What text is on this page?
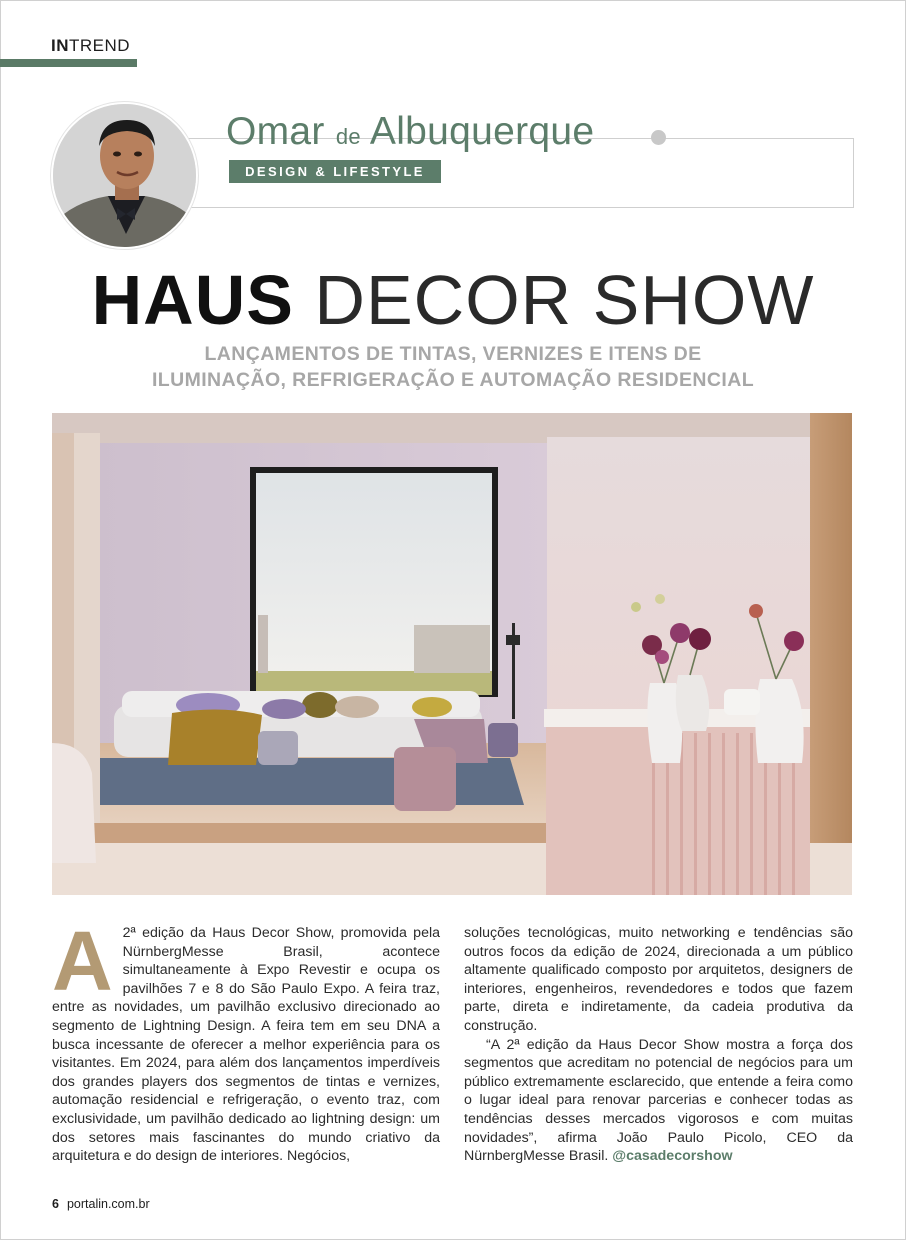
INTREND
Omar de Albuquerque
DESIGN & LIFESTYLE
HAUS DECOR SHOW
LANÇAMENTOS DE TINTAS, VERNIZES E ITENS DE
ILUMINAÇÃO, REFRIGERAÇÃO E AUTOMAÇÃO RESIDENCIAL
A 2ª edição da Haus Decor Show, promovida pela NürnbergMesse Brasil, acontece simultaneamente à Expo Revestir e ocupa os pavilhões 7 e 8 do São Paulo Expo. A feira traz, entre as novidades, um pavilhão exclusivo direcionado ao segmento de Lightning Design. A feira tem em seu DNA a busca incessante de oferecer a melhor experiência para os visitantes. Em 2024, para além dos lançamentos imperdíveis dos grandes players dos segmentos de tintas e vernizes, automação residencial e refrigeração, o evento traz, com exclusividade, um pavilhão dedicado ao lightning design: um dos setores mais fascinantes do mundo criativo da arquitetura e do design de interiores. Negócios,

soluções tecnológicas, muito networking e tendências são outros focos da edição de 2024, direcionada a um público altamente qualificado composto por arquitetos, designers de interiores, engenheiros, revendedores e todos que fazem parte, direta e indiretamente, da cadeia produtiva da construção.

“A 2ª edição da Haus Decor Show mostra a força dos segmentos que acreditam no potencial de negócios para um público extremamente esclarecido, que entende a feira como o lugar ideal para renovar parcerias e conhecer todas as tendências desses mercados vigorosos e com muitas novidades”, afirma João Paulo Picolo, CEO da NürnbergMesse Brasil. @casadecorshow

6 portalin.com.br
